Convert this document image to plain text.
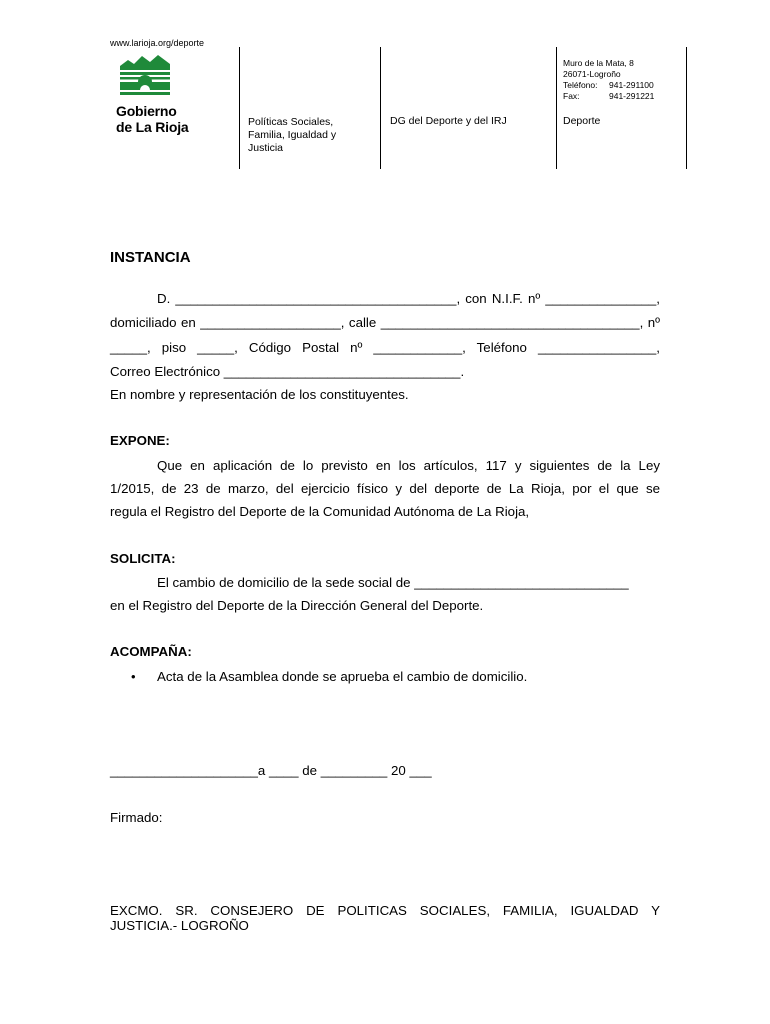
www.larioja.org/deporte
Gobierno
de La Rioja	Políticas Sociales,
Familia, Igualdad y
Justicia
DG del Deporte y del IRJ
Muro de la Mata, 8
26071-Logroño
Teléfono: 941-291100
Fax:	941-291221
Deporte
INSTANCIA
D. ______________________________________, con N.I.F. nº _______________,
domiciliado en ___________________, calle ___________________________________, nº
_____, piso _____, Código Postal nº ____________, Teléfono ________________,
Correo Electrónico ________________________________.
En nombre y representación de los constituyentes.
EXPONE:
Que en aplicación de lo previsto en los artículos, 117 y siguientes de la Ley
1/2015, de 23 de marzo, del ejercicio físico y del deporte de La Rioja, por el que se
regula el Registro del Deporte de la Comunidad Autónoma de La Rioja,
SOLICITA:
El cambio de domicilio de la sede social de _____________________________
en el Registro del Deporte de la Dirección General del Deporte.
ACOMPAÑA:
• Acta de la Asamblea donde se aprueba el cambio de domicilio.
____________________a ____ de _________ 20 ___
Firmado:
EXCMO. SR. CONSEJERO DE POLITICAS SOCIALES, FAMILIA, IGUALDAD Y
JUSTICIA.- LOGROÑO
